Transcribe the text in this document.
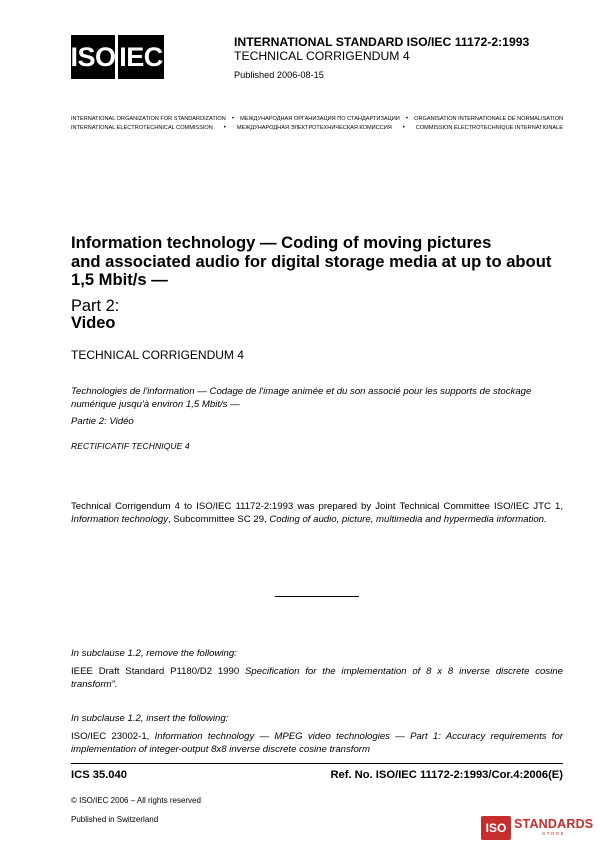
ISO IEC	INTERNATIONAL STANDARD ISO/IEC 11172-2:1993
TECHNICAL CORRIGENDUM 4
Published 2006-08-15
INTERNATIONAL ORGANIZATION FOR STANDARDIZATION • МЕЖДУНАРОДНАЯ ОРГАНИЗАЦИЯ ПО СТАНДАРТИЗАЦИИ • ORGANISATION INTERNATIONALE DE NORMALISATION
INTERNATIONAL ELECTROTECHNICAL COMMISSION • МЕЖДУНАРОДНАЯ ЭЛЕКТРОТЕХНИЧЕСКАЯ КОМИССИЯ • COMMISSION ÉLECTROTECHNIQUE INTERNATIONALE
Information technology — Coding of moving pictures
and associated audio for digital storage media at up to about
1,5 Mbit/s —
Part 2:
Video
TECHNICAL CORRIGENDUM 4
Technologies de l'information — Codage de l'image animée et du son associé pour les supports de stockage
numérique jusqu'à environ 1,5 Mbit/s —
Partie 2: Vidéo
RECTIFICATIF TECHNIQUE 4
Technical Corrigendum 4 to ISO/IEC 11172-2:1993 was prepared by Joint Technical Committee ISO/IEC JTC 1, Information technology, Subcommittee SC 29, Coding of audio, picture, multimedia and hypermedia information.
In subclause 1.2, remove the following:
IEEE Draft Standard P1180/D2 1990 Specification for the implementation of 8 x 8 inverse discrete cosine transform".
In subclause 1.2, insert the following:
ISO/IEC 23002-1, Information technology — MPEG video technologies — Part 1: Accuracy requirements for implementation of integer-output 8x8 inverse discrete cosine transform
ICS 35.040	Ref. No. ISO/IEC 11172-2:1993/Cor.4:2006(E)
© ISO/IEC 2006 – All rights reserved
Published in Switzerland
ISO STANDARDS
STORE
